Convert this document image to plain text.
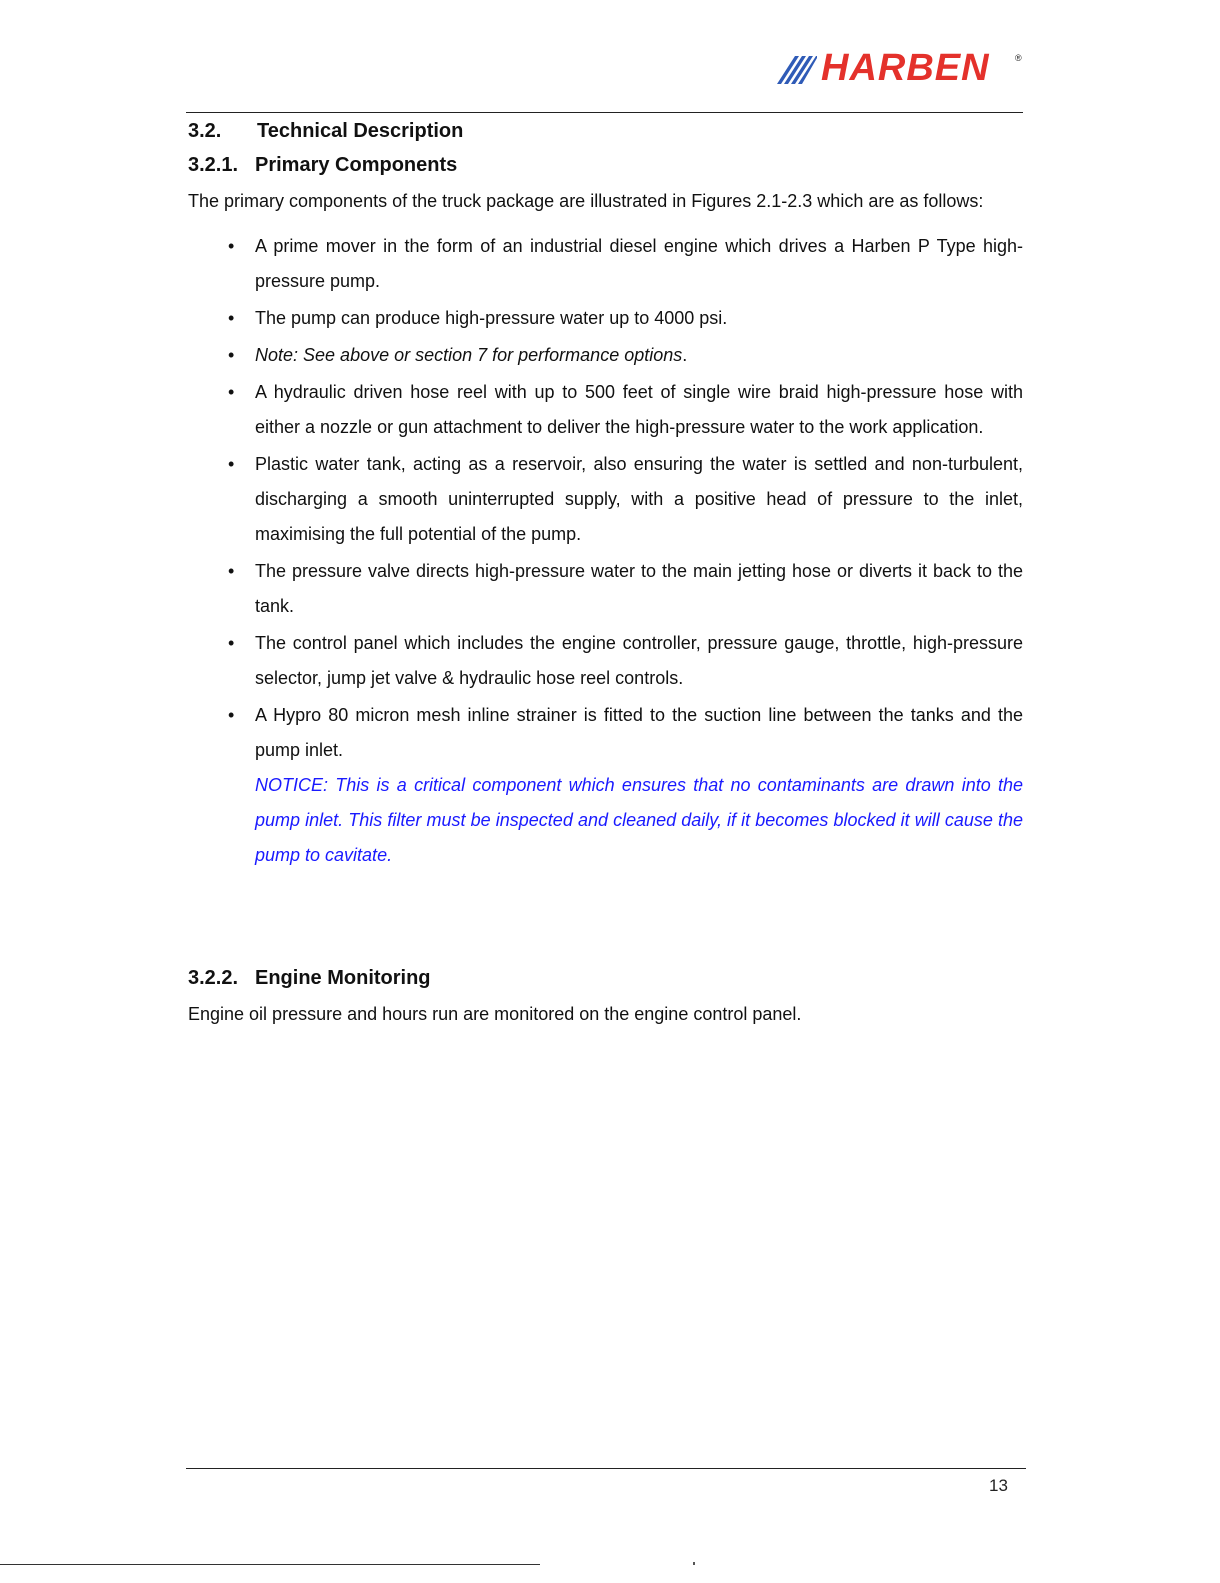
HARBEN	®
3.2. Technical Description
3.2.1. Primary Components

The primary components of the truck package are illustrated in Figures 2.1-2.3 which are as follows:

• A prime mover in the form of an industrial diesel engine which drives a Harben P Type high-pressure pump.
• The pump can produce high-pressure water up to 4000 psi.
• Note: See above or section 7 for performance options.
• A hydraulic driven hose reel with up to 500 feet of single wire braid high-pressure hose with either a nozzle or gun attachment to deliver the high-pressure water to the work application.
• Plastic water tank, acting as a reservoir, also ensuring the water is settled and non-turbulent, discharging a smooth uninterrupted supply, with a positive head of pressure to the inlet, maximising the full potential of the pump.
• The pressure valve directs high-pressure water to the main jetting hose or diverts it back to the tank.
• The control panel which includes the engine controller, pressure gauge, throttle, high-pressure selector, jump jet valve & hydraulic hose reel controls.
• A Hypro 80 micron mesh inline strainer is fitted to the suction line between the tanks and the pump inlet.
NOTICE: This is a critical component which ensures that no contaminants are drawn into the pump inlet. This filter must be inspected and cleaned daily, if it becomes blocked it will cause the pump to cavitate.
3.2.2. Engine Monitoring

Engine oil pressure and hours run are monitored on the engine control panel.

13
